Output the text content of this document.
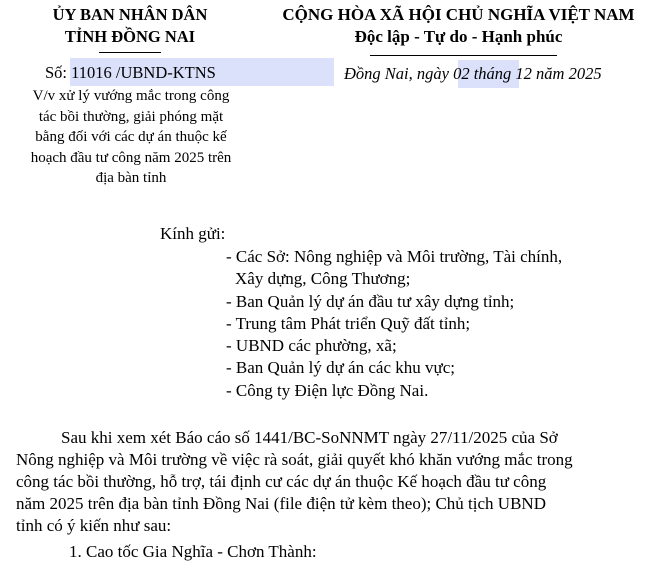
ỦY BAN NHÂN DÂN
TỈNH ĐỒNG NAI
CỘNG HÒA XÃ HỘI CHỦ NGHĨA VIỆT NAM
Độc lập - Tự do - Hạnh phúc
Số: 11016 /UBND-KTNS	Đồng Nai, ngày 02 tháng 12 năm 2025
V/v xử lý vướng mắc trong công
tác bồi thường, giải phóng mặt
bằng đối với các dự án thuộc kế
hoạch đầu tư công năm 2025 trên
địa bàn tỉnh
Kính gửi:
- Các Sở: Nông nghiệp và Môi trường, Tài chính,
Xây dựng, Công Thương;
- Ban Quản lý dự án đầu tư xây dựng tỉnh;
- Trung tâm Phát triển Quỹ đất tỉnh;
- UBND các phường, xã;
- Ban Quản lý dự án các khu vực;
- Công ty Điện lực Đồng Nai.
Sau khi xem xét Báo cáo số 1441/BC-SoNNMT ngày 27/11/2025 của Sở
Nông nghiệp và Môi trường về việc rà soát, giải quyết khó khăn vướng mắc trong
công tác bồi thường, hỗ trợ, tái định cư các dự án thuộc Kế hoạch đầu tư công
năm 2025 trên địa bàn tỉnh Đồng Nai (file điện tử kèm theo); Chủ tịch UBND
tỉnh có ý kiến như sau:
1. Cao tốc Gia Nghĩa - Chơn Thành:
